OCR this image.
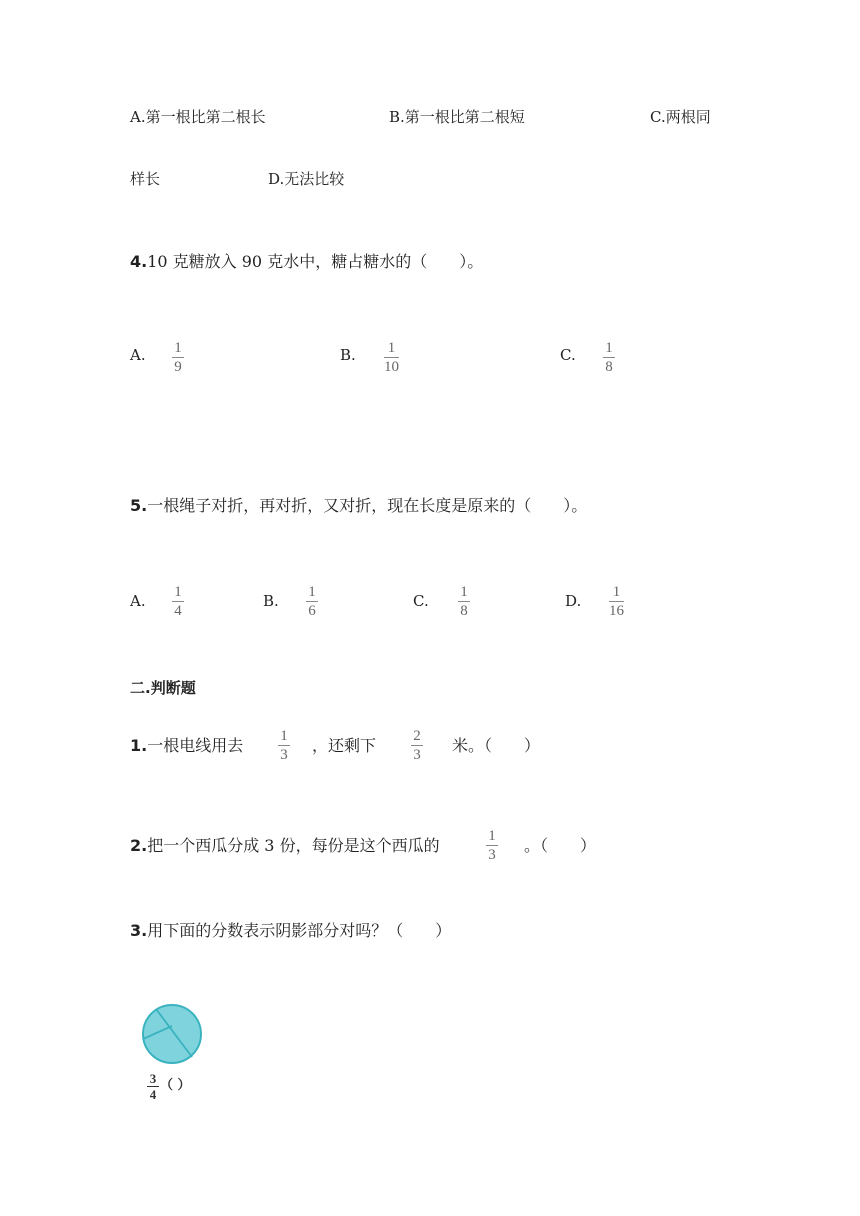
A.第一根比第二根长	B.第一根比第二根短	C.两根同
样长	D.无法比较
4.10 克糖放入 90 克水中，糖占糖水的（　　）。
A. 1
9
B. 1
10
C. 1
8
5.一根绳子对折，再对折，又对折，现在长度是原来的（　　）。
A. 1
4
B. 1
6
C. 1
8
D. 1
16
二.判断题
1.一根电线用去 1
3 ，还剩下 2
3 米。（　　）
2.把一个西瓜分成 3 份，每份是这个西瓜的	1
3 。（　　）
3.用下面的分数表示阴影部分对吗？（　　）
3
4
（ ）
